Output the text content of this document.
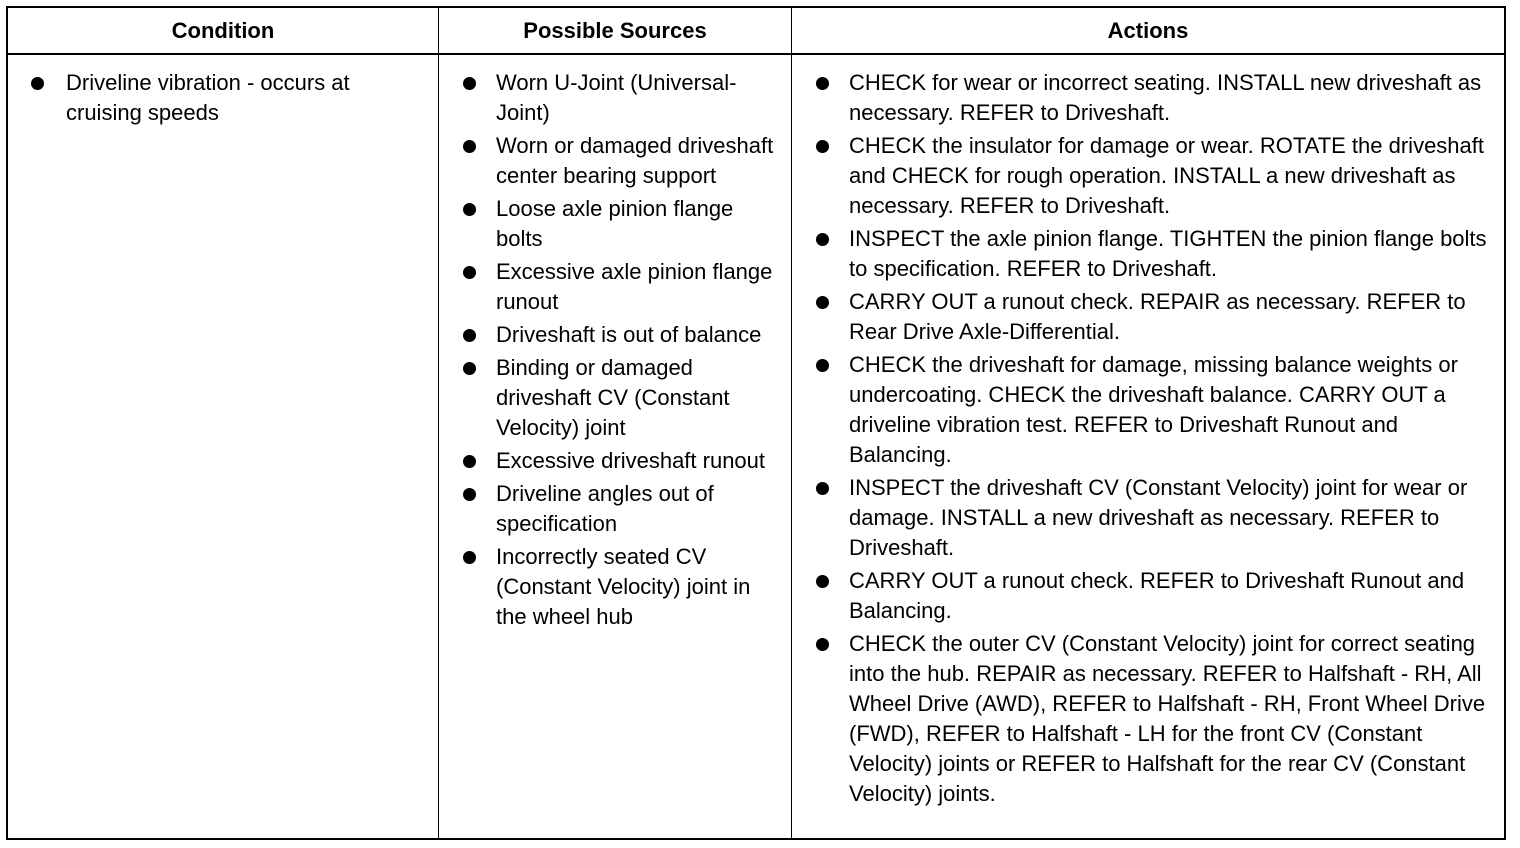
Condition	Possible Sources	Actions
Driveline vibration - occurs at cruising speeds
Worn U-Joint (Universal-Joint)
Worn or damaged driveshaft center bearing support
Loose axle pinion flange bolts
Excessive axle pinion flange runout
Driveshaft is out of balance
Binding or damaged driveshaft CV (Constant Velocity) joint
Excessive driveshaft runout
Driveline angles out of specification
Incorrectly seated CV (Constant Velocity) joint in the wheel hub
CHECK for wear or incorrect seating. INSTALL new driveshaft as necessary. REFER to Driveshaft.
CHECK the insulator for damage or wear. ROTATE the driveshaft and CHECK for rough operation. INSTALL a new driveshaft as necessary. REFER to Driveshaft.
INSPECT the axle pinion flange. TIGHTEN the pinion flange bolts to specification. REFER to Driveshaft.
CARRY OUT a runout check. REPAIR as necessary. REFER to Rear Drive Axle-Differential.
CHECK the driveshaft for damage, missing balance weights or undercoating. CHECK the driveshaft balance. CARRY OUT a driveline vibration test. REFER to Driveshaft Runout and Balancing.
INSPECT the driveshaft CV (Constant Velocity) joint for wear or damage. INSTALL a new driveshaft as necessary. REFER to Driveshaft.
CARRY OUT a runout check. REFER to Driveshaft Runout and Balancing.
CHECK the outer CV (Constant Velocity) joint for correct seating into the hub. REPAIR as necessary. REFER to Halfshaft - RH, All Wheel Drive (AWD), REFER to Halfshaft - RH, Front Wheel Drive (FWD), REFER to Halfshaft - LH for the front CV (Constant Velocity) joints or REFER to Halfshaft for the rear CV (Constant Velocity) joints.
